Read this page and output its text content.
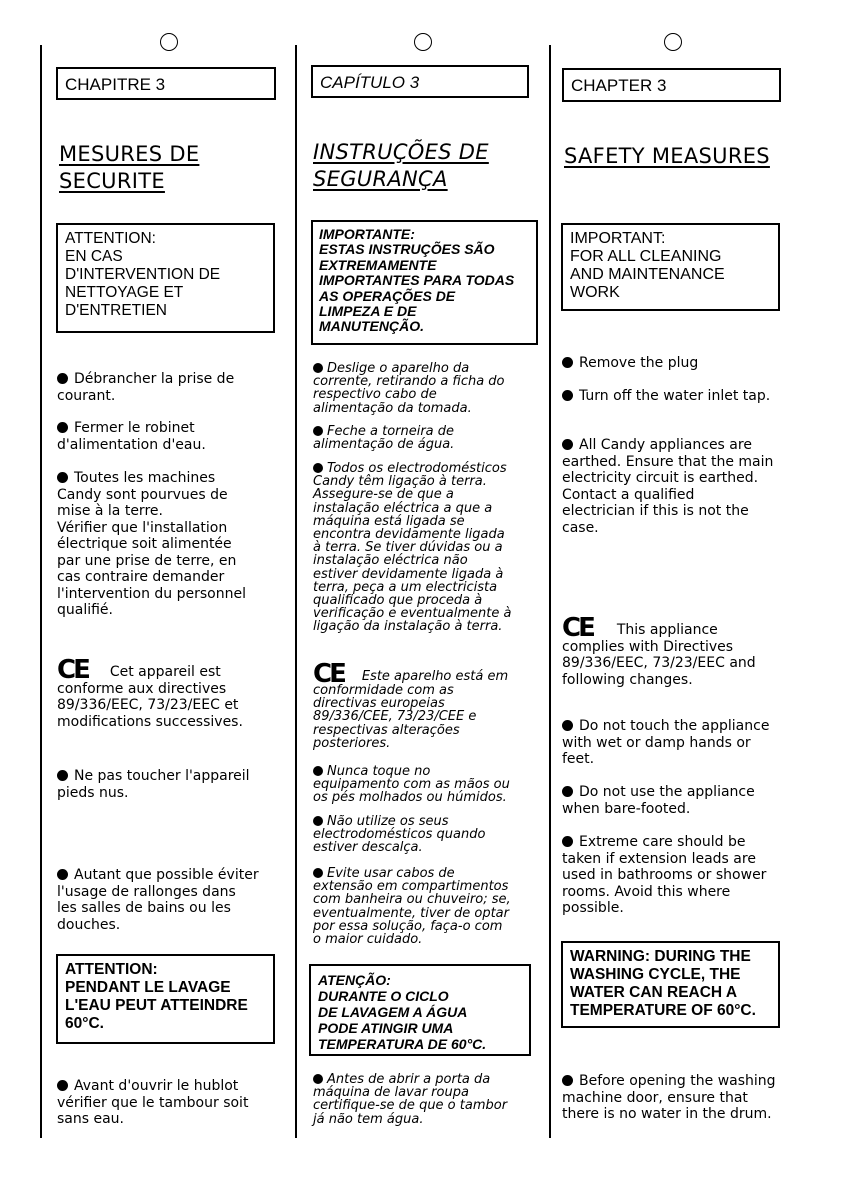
CHAPITRE 3
MESURES DE
SECURITE
ATTENTION:
EN CAS
D'INTERVENTION DE
NETTOYAGE ET
D'ENTRETIEN
Débrancher la prise de
courant.
Fermer le robinet
d'alimentation d'eau.
Toutes les machines
Candy sont pourvues de
mise à la terre.
Vérifier que l'installation
électrique soit alimentée
par une prise de terre, en
cas contraire demander
l'intervention du personnel
qualifié.
CE Cet appareil est
conforme aux directives
89/336/EEC, 73/23/EEC et
modifications successives.
Ne pas toucher l'appareil
pieds nus.
Autant que possible éviter
l'usage de rallonges dans
les salles de bains ou les
douches.
ATTENTION:
PENDANT LE LAVAGE
L'EAU PEUT ATTEINDRE
60°C.
Avant d'ouvrir le hublot
vérifier que le tambour soit
sans eau.
CAPÍTULO 3
INSTRUÇÕES DE
SEGURANÇA
IMPORTANTE:
ESTAS INSTRUÇÕES SÃO
EXTREMAMENTE
IMPORTANTES PARA TODAS
AS OPERAÇÕES DE
LIMPEZA E DE
MANUTENÇÃO.
Deslige o aparelho da
corrente, retirando a ficha do
respectivo cabo de
alimentação da tomada.
Feche a torneira de
alimentação de água.
Todos os electrodomésticos
Candy têm ligação à terra.
Assegure-se de que a
instalação eléctrica a que a
máquina está ligada se
encontra devidamente ligada
à terra. Se tiver dúvidas ou a
instalação eléctrica não
estiver devidamente ligada à
terra, peça a um electricista
qualificado que proceda à
verificação e eventualmente à
ligação da instalação à terra.
CE Este aparelho está em
conformidade com as
directivas europeias
89/336/CEE, 73/23/CEE e
respectivas alterações
posteriores.
Nunca toque no
equipamento com as mãos ou
os pés molhados ou húmidos.
Não utilize os seus
electrodomésticos quando
estiver descalça.
Evite usar cabos de
extensão em compartimentos
com banheira ou chuveiro; se,
eventualmente, tiver de optar
por essa solução, faça-o com
o maior cuidado.
ATENÇÃO:
DURANTE O CICLO
DE LAVAGEM A ÁGUA
PODE ATINGIR UMA
TEMPERATURA DE 60°C.
Antes de abrir a porta da
máquina de lavar roupa
certifique-se de que o tambor
já não tem água.
CHAPTER 3
SAFETY MEASURES
IMPORTANT:
FOR ALL CLEANING
AND MAINTENANCE
WORK
Remove the plug
Turn off the water inlet tap.
All Candy appliances are
earthed. Ensure that the main
electricity circuit is earthed.
Contact a qualified
electrician if this is not the
case.
CE This appliance
complies with Directives
89/336/EEC, 73/23/EEC and
following changes.
Do not touch the appliance
with wet or damp hands or
feet.
Do not use the appliance
when bare-footed.
Extreme care should be
taken if extension leads are
used in bathrooms or shower
rooms. Avoid this where
possible.
WARNING: DURING THE
WASHING CYCLE, THE
WATER CAN REACH A
TEMPERATURE OF 60°C.
Before opening the washing
machine door, ensure that
there is no water in the drum.
